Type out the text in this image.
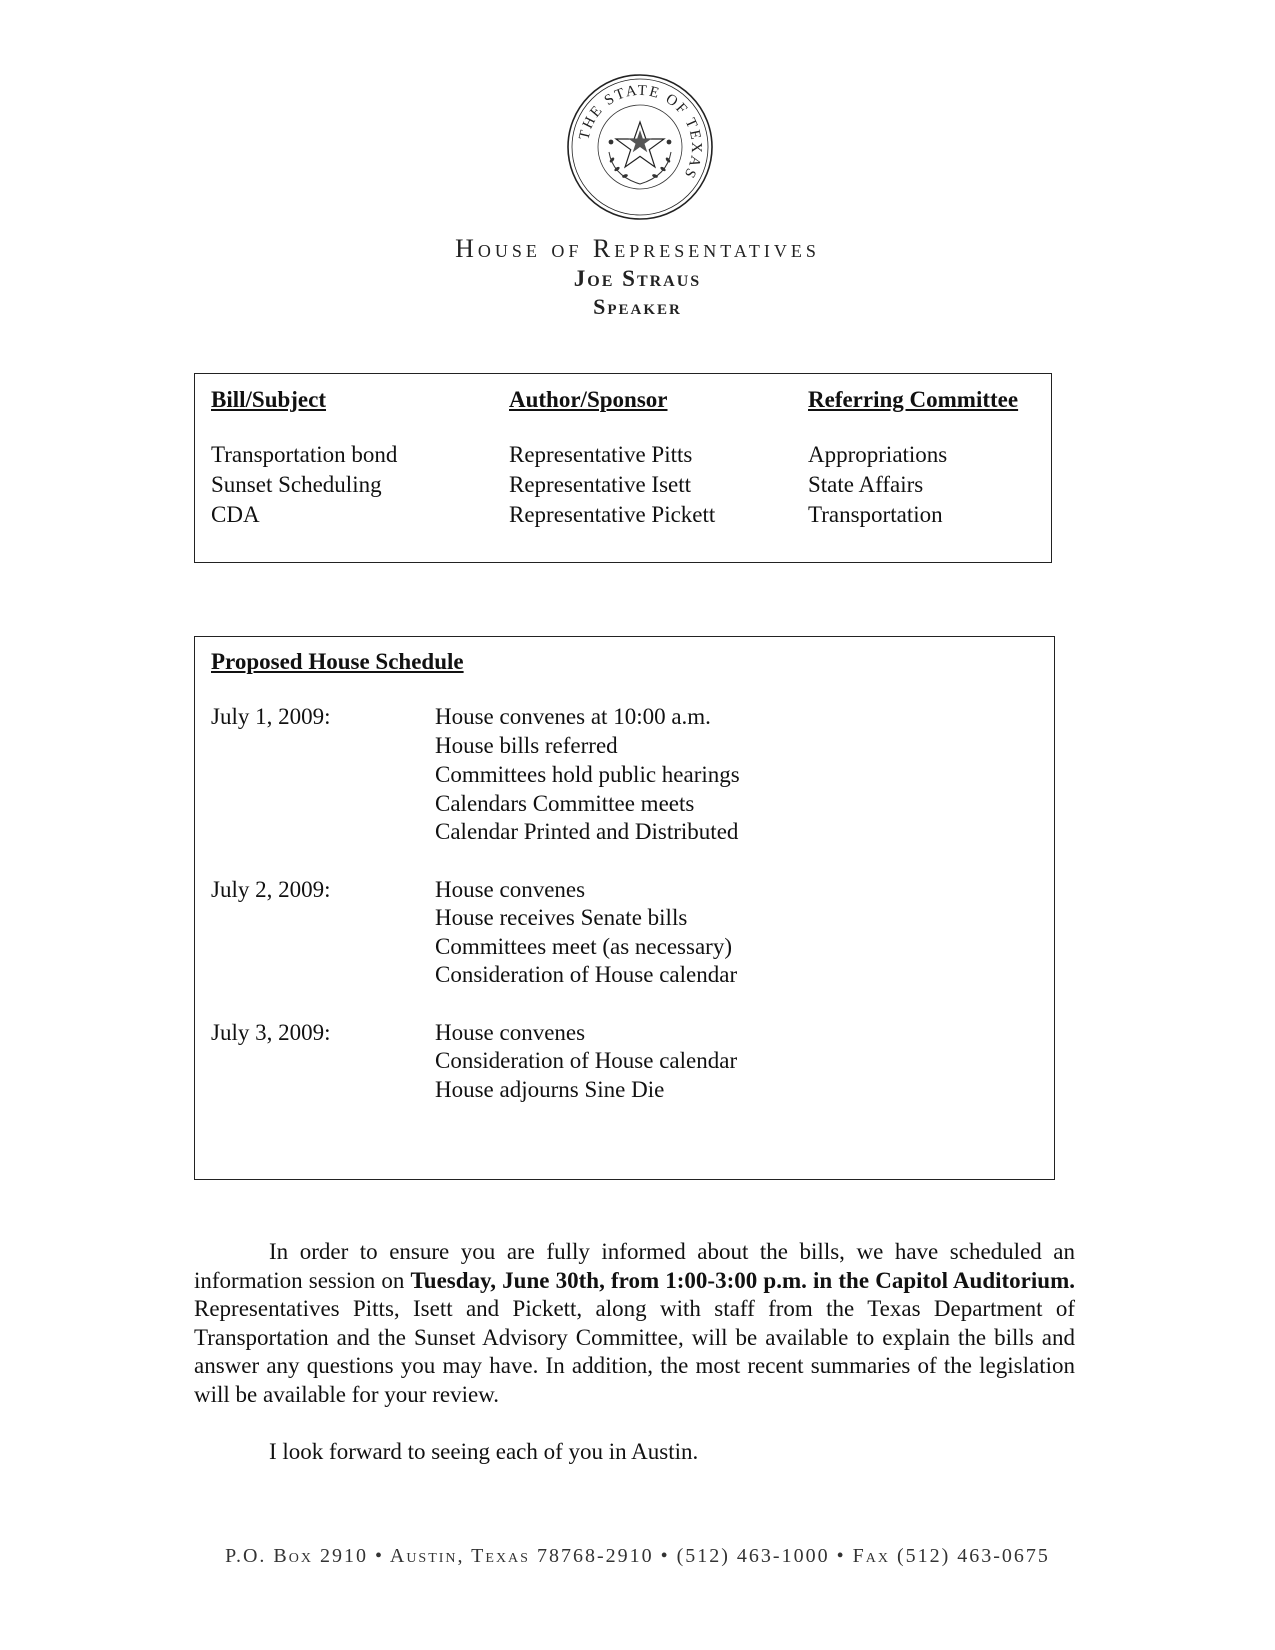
THE STATE OF TEXAS
House of Representatives
Joe Straus
Speaker
Bill/Subject	Author/Sponsor	Referring Committee
Transportation bond	Representative Pitts	Appropriations
Sunset Scheduling	Representative Isett	State Affairs
CDA	Representative Pickett	Transportation
Proposed House Schedule
July 1, 2009:	House convenes at 10:00 a.m.
House bills referred
Committees hold public hearings
Calendars Committee meets
Calendar Printed and Distributed
July 2, 2009:	House convenes
House receives Senate bills
Committees meet (as necessary)
Consideration of House calendar
July 3, 2009:	House convenes
Consideration of House calendar
House adjourns Sine Die
In order to ensure you are fully informed about the bills, we have scheduled an information session on Tuesday, June 30th, from 1:00-3:00 p.m. in the Capitol Auditorium. Representatives Pitts, Isett and Pickett, along with staff from the Texas Department of Transportation and the Sunset Advisory Committee, will be available to explain the bills and answer any questions you may have. In addition, the most recent summaries of the legislation will be available for your review.
I look forward to seeing each of you in Austin.
P.O. Box 2910 • Austin, Texas 78768-2910 • (512) 463-1000 • Fax (512) 463-0675
